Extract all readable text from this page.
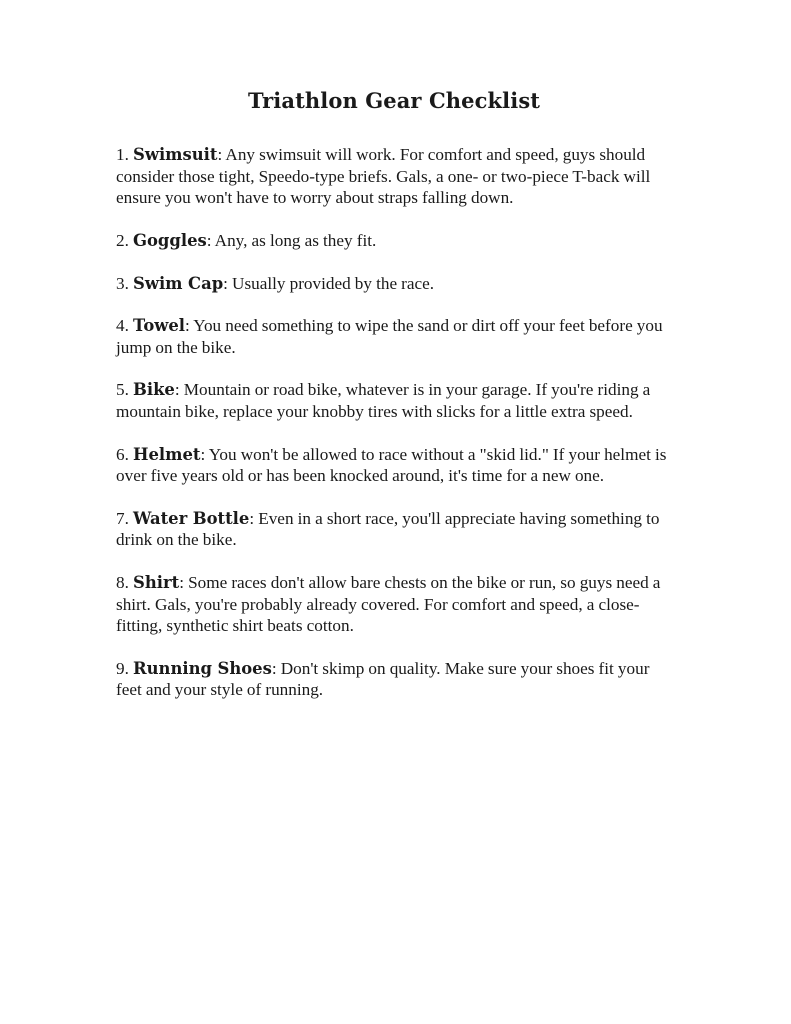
Triathlon Gear Checklist

1. Swimsuit: Any swimsuit will work. For comfort and speed, guys should consider those tight, Speedo-type briefs. Gals, a one- or two-piece T-back will ensure you won't have to worry about straps falling down.

2. Goggles: Any, as long as they fit.

3. Swim Cap: Usually provided by the race.

4. Towel: You need something to wipe the sand or dirt off your feet before you jump on the bike.

5. Bike: Mountain or road bike, whatever is in your garage. If you're riding a mountain bike, replace your knobby tires with slicks for a little extra speed.

6. Helmet: You won't be allowed to race without a "skid lid." If your helmet is over five years old or has been knocked around, it's time for a new one.

7. Water Bottle: Even in a short race, you'll appreciate having something to drink on the bike.

8. Shirt: Some races don't allow bare chests on the bike or run, so guys need a shirt. Gals, you're probably already covered. For comfort and speed, a close-fitting, synthetic shirt beats cotton.

9. Running Shoes: Don't skimp on quality. Make sure your shoes fit your feet and your style of running.
